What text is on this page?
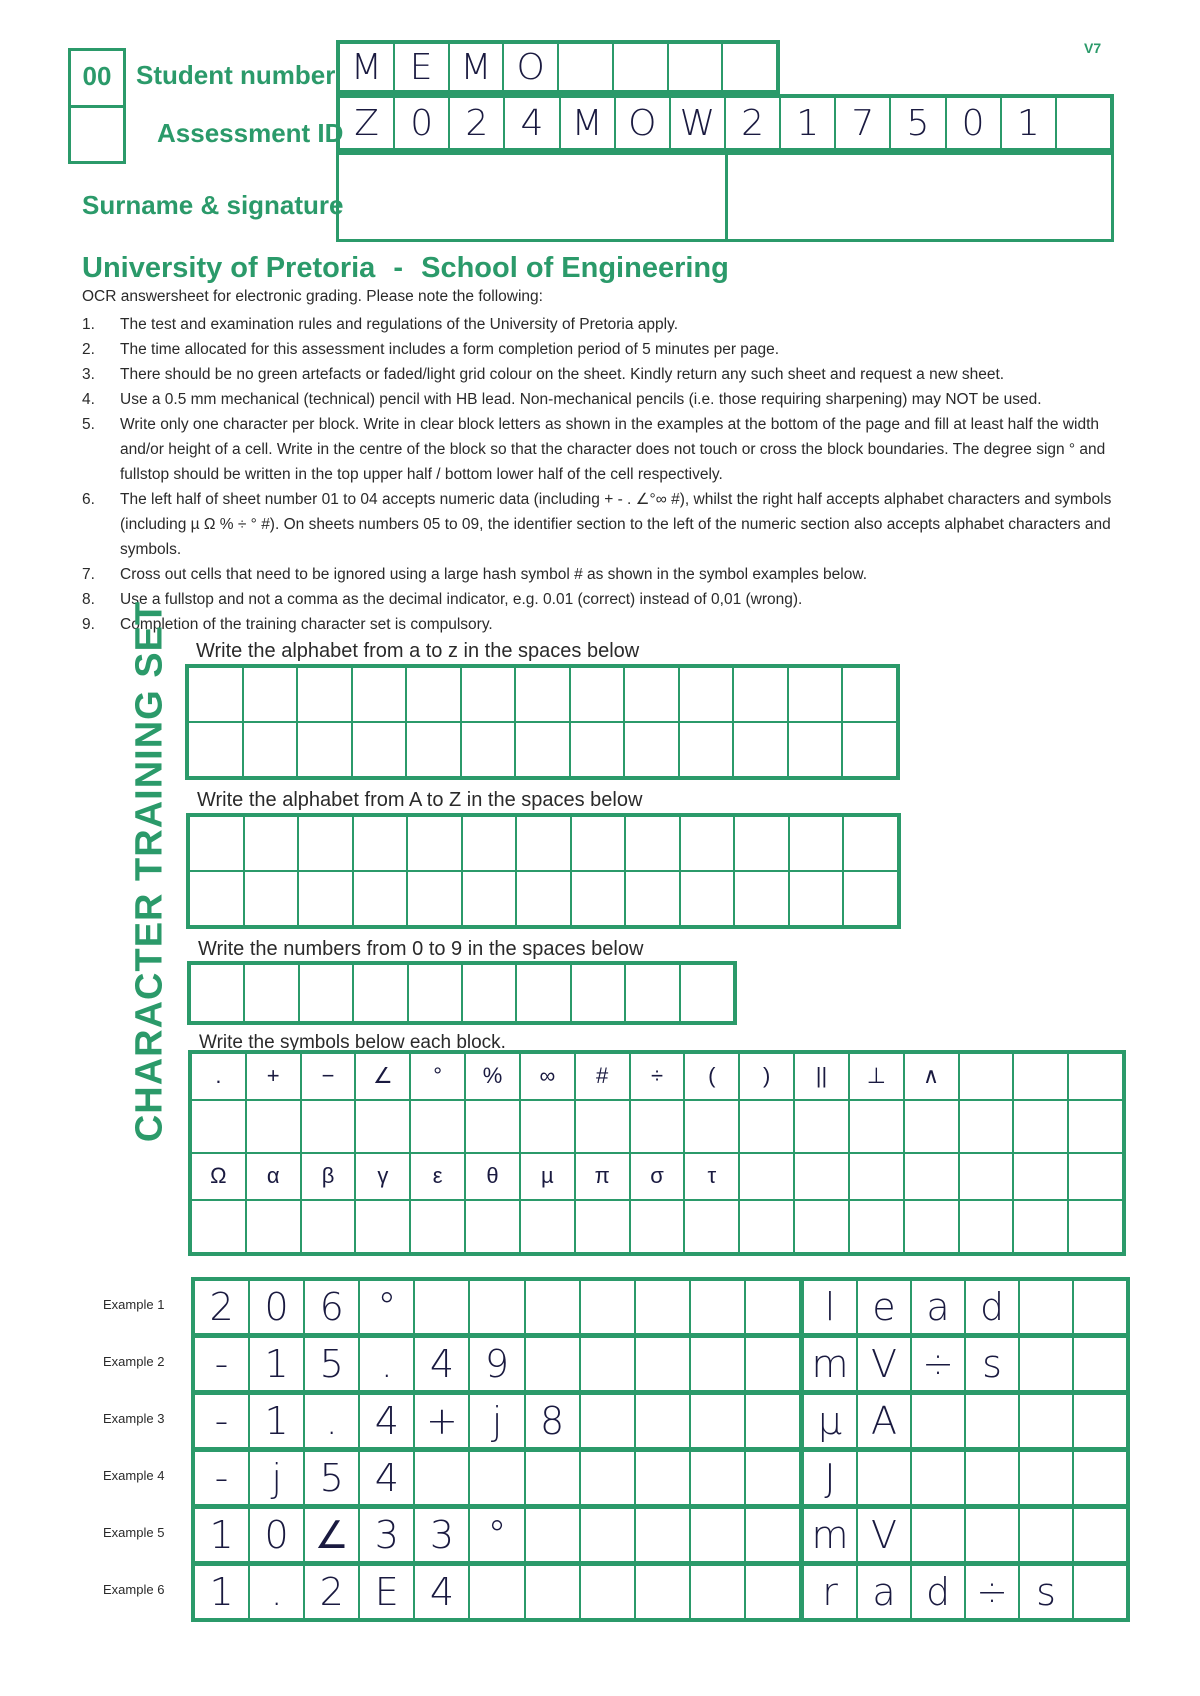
V7
00 Student number
Assessment ID
Surname & signature
M E M O
Z 0 2 4 M O W 2 1 7 5 0 1
University of Pretoria - School of Engineering
OCR answersheet for electronic grading. Please note the following:
1.	The test and examination rules and regulations of the University of Pretoria apply.
2.	The time allocated for this assessment includes a form completion period of 5 minutes per page.
3.	There should be no green artefacts or faded/light grid colour on the sheet. Kindly return any such sheet and request a new sheet.
4.	Use a 0.5 mm mechanical (technical) pencil with HB lead. Non-mechanical pencils (i.e. those requiring sharpening) may NOT be used.
5.	Write only one character per block. Write in clear block letters as shown in the examples at the bottom of the page and fill at least half the width and/or height of a cell. Write in the centre of the block so that the character does not touch or cross the block boundaries. The degree sign ° and fullstop should be written in the top upper half / bottom lower half of the cell respectively.
6.	The left half of sheet number 01 to 04 accepts numeric data (including + - . ∠°∞ #), whilst the right half accepts alphabet characters and symbols (including µ Ω % ÷ ° #). On sheets numbers 05 to 09, the identifier section to the left of the numeric section also accepts alphabet characters and symbols.
7.	Cross out cells that need to be ignored using a large hash symbol # as shown in the symbol examples below.
8.	Use a fullstop and not a comma as the decimal indicator, e.g. 0.01 (correct) instead of 0,01 (wrong).
9.	Completion of the training character set is compulsory.
CHARACTER TRAINING SET Write the alphabet from a to z in the spaces below
Write the alphabet from A to Z in the spaces below
Write the numbers from 0 to 9 in the spaces below
Write the symbols below each block.
. + − ∠ ° % ∞ # ÷ ( ) || ⊥ ∧
Ω α β γ ε θ µ π σ τ
Example 1 2 0 6 °	l e a d
Example 2 - 1 5 . 4 9	m V ÷ s
Example 3 - 1 . 4 + j 8	µ A
Example 4 - j 5 4	J
Example 5 1 0 ∠ 3 3 °	m V
Example 6 1 . 2 E 4	r a d ÷ s
